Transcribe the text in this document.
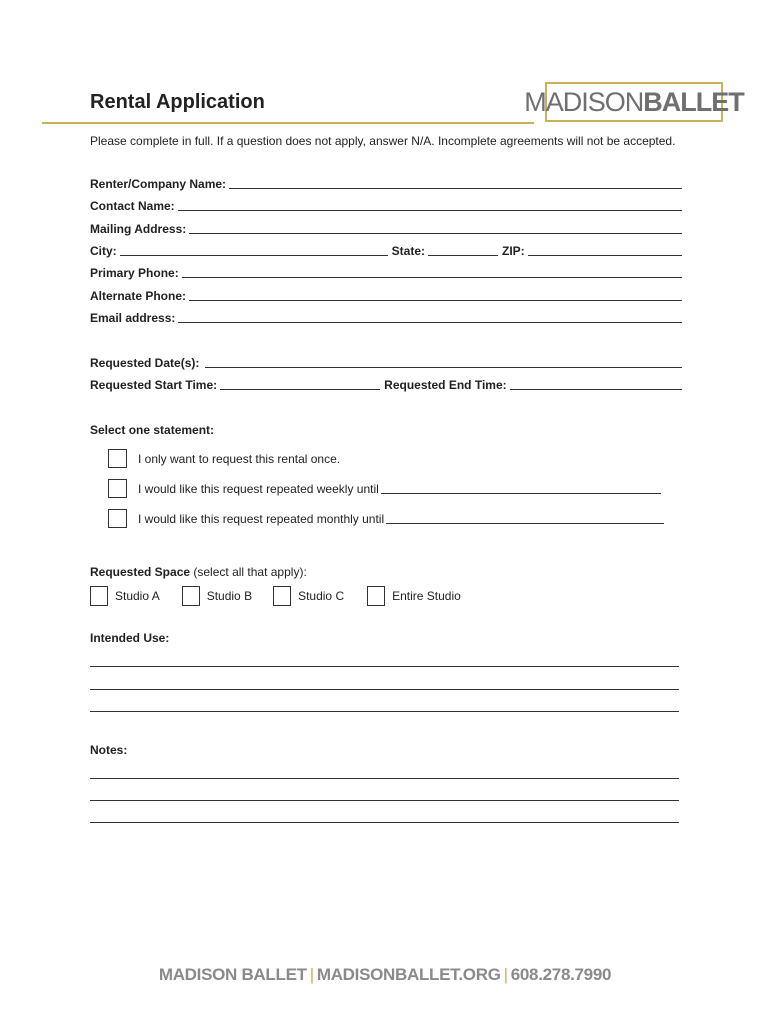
Rental Application	MADISON BALLET
Please complete in full. If a question does not apply, answer N/A. Incomplete agreements will not be accepted.
Renter/Company Name:
Contact Name:
Mailing Address:
City:	State:	ZIP:
Primary Phone:
Alternate Phone:
Email address:
Requested Date(s):
Requested Start Time:	Requested End Time:
Select one statement:
I only want to request this rental once.
I would like this request repeated weekly until
I would like this request repeated monthly until
Requested Space (select all that apply):
Studio A	Studio B	Studio C	Entire Studio
Intended Use:
Notes:
MADISON BALLET | MADISONBALLET.ORG | 608.278.7990
